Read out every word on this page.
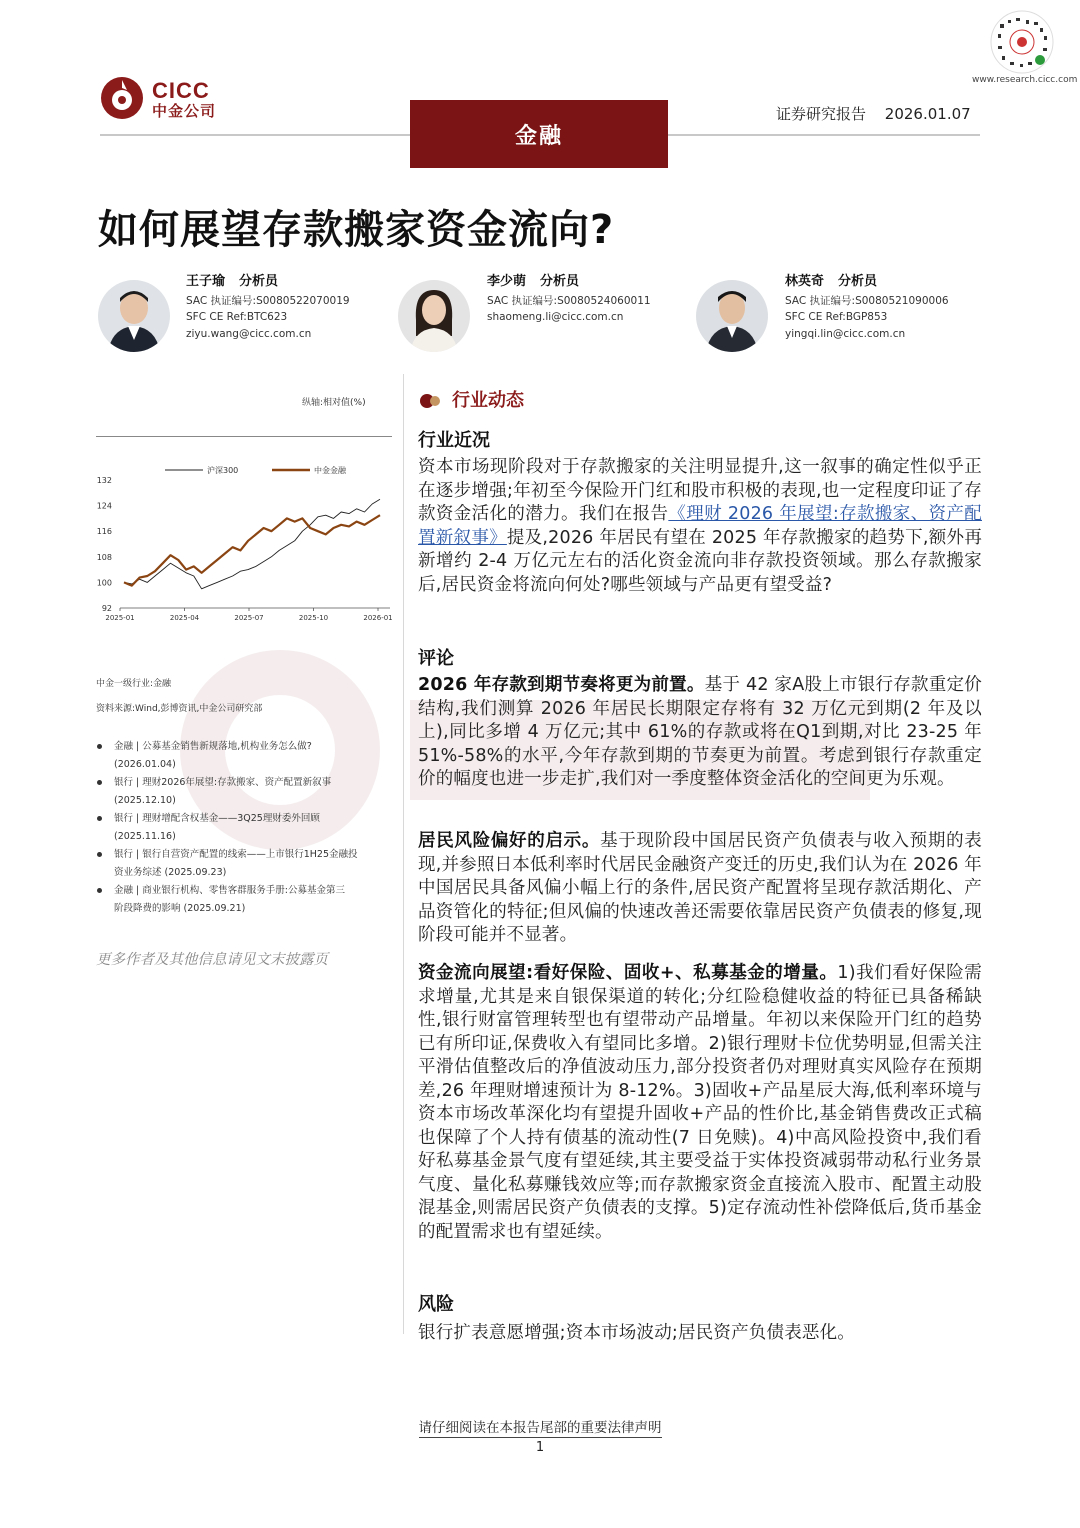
CICC
中金公司
www.research.cicc.com
证券研究报告 2026.01.07
金融
如何展望存款搬家资金流向?
王子瑜 分析员
SAC 执证编号:S0080522070019
SFC CE Ref:BTC623
ziyu.wang@cicc.com.cn
李少萌 分析员
SAC 执证编号:S0080524060011
shaomeng.li@cicc.com.cn
林英奇 分析员
SAC 执证编号:S0080521090006
SFC CE Ref:BGP853
yingqi.lin@cicc.com.cn
纵轴:相对值(%)
132
124
116
108
100
92
2025-01	2025-04	2025-07	2025-10	2026-01
沪深300	中金金融
中金一级行业:金融
资料来源:Wind,彭博资讯,中金公司研究部
金融 | 公募基金销售新规落地,机构业务怎么做?
(2026.01.04)
银行 | 理财2026年展望:存款搬家、资产配置新叙事
(2025.12.10)
银行 | 理财增配含权基金——3Q25理财委外回顾
(2025.11.16)
银行 | 银行自营资产配置的线索——上市银行1H25金融投
资业务综述 (2025.09.23)
金融 | 商业银行机构、零售客群服务手册:公募基金第三
阶段降费的影响 (2025.09.21)
更多作者及其他信息请见文末披露页
行业动态
行业近况
资本市场现阶段对于存款搬家的关注明显提升,这一叙事的确定性似乎正在逐步增强;年初至今保险开门红和股市积极的表现,也一定程度印证了存款资金活化的潜力。我们在报告《理财 2026 年展望:存款搬家、资产配置新叙事》提及,2026 年居民有望在 2025 年存款搬家的趋势下,额外再新增约 2-4 万亿元左右的活化资金流向非存款投资领域。那么存款搬家后,居民资金将流向何处?哪些领域与产品更有望受益?
评论
2026 年存款到期节奏将更为前置。基于 42 家A股上市银行存款重定价结构,我们测算 2026 年居民长期限定存将有 32 万亿元到期(2 年及以上),同比多增 4 万亿元;其中 61%的存款或将在Q1到期,对比 23-25 年 51%-58%的水平,今年存款到期的节奏更为前置。考虑到银行存款重定价的幅度也进一步走扩,我们对一季度整体资金活化的空间更为乐观。
居民风险偏好的启示。基于现阶段中国居民资产负债表与收入预期的表现,并参照日本低利率时代居民金融资产变迁的历史,我们认为在 2026 年中国居民具备风偏小幅上行的条件,居民资产配置将呈现存款活期化、产品资管化的特征;但风偏的快速改善还需要依靠居民资产负债表的修复,现阶段可能并不显著。
资金流向展望:看好保险、固收+、私募基金的增量。1)我们看好保险需求增量,尤其是来自银保渠道的转化;分红险稳健收益的特征已具备稀缺性,银行财富管理转型也有望带动产品增量。年初以来保险开门红的趋势已有所印证,保费收入有望同比多增。2)银行理财卡位优势明显,但需关注平滑估值整改后的净值波动压力,部分投资者仍对理财真实风险存在预期差,26 年理财增速预计为 8-12%。3)固收+产品星辰大海,低利率环境与资本市场改革深化均有望提升固收+产品的性价比,基金销售费改正式稿也保障了个人持有债基的流动性(7 日免赎)。4)中高风险投资中,我们看好私募基金景气度有望延续,其主要受益于实体投资减弱带动私行业务景气度、量化私募赚钱效应等;而存款搬家资金直接流入股市、配置主动股混基金,则需居民资产负债表的支撑。5)定存流动性补偿降低后,货币基金的配置需求也有望延续。
风险
银行扩表意愿增强;资本市场波动;居民资产负债表恶化。
请仔细阅读在本报告尾部的重要法律声明
1
